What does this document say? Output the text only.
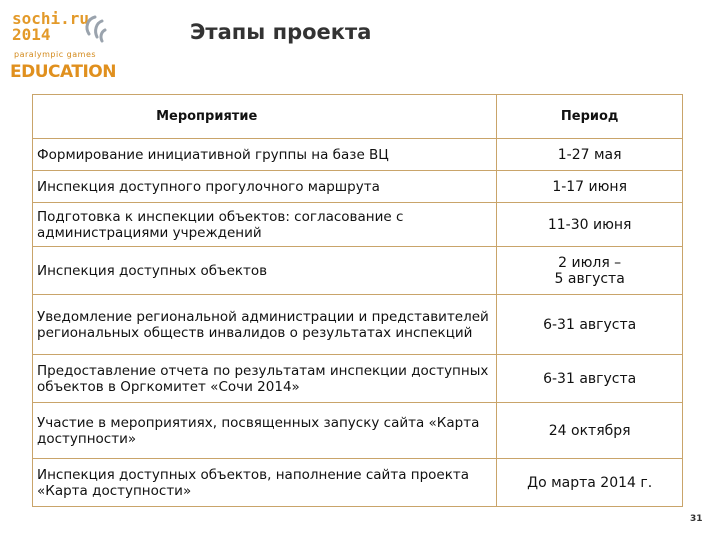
sochi.ru
2014
paralympic games
EDUCATION
Этапы проекта
Мероприятие	Период
Формирование инициативной группы на базе ВЦ	1-27 мая
Инспекция доступного прогулочного маршрута	1-17 июня
Подготовка к инспекции объектов: согласование с администрациями учреждений	11-30 июня
Инспекция доступных объектов	2 июля –
5 августа

Уведомление региональной администрации и представителей региональных обществ инвалидов о результатах инспекций	6-31 августа
Предоставление отчета по результатам инспекции доступных объектов в Оргкомитет «Сочи 2014»	6-31 августа
Участие в мероприятиях, посвященных запуску сайта «Карта доступности»	24 октября
Инспекция доступных объектов, наполнение сайта проекта «Карта доступности»	До марта 2014 г.
31
